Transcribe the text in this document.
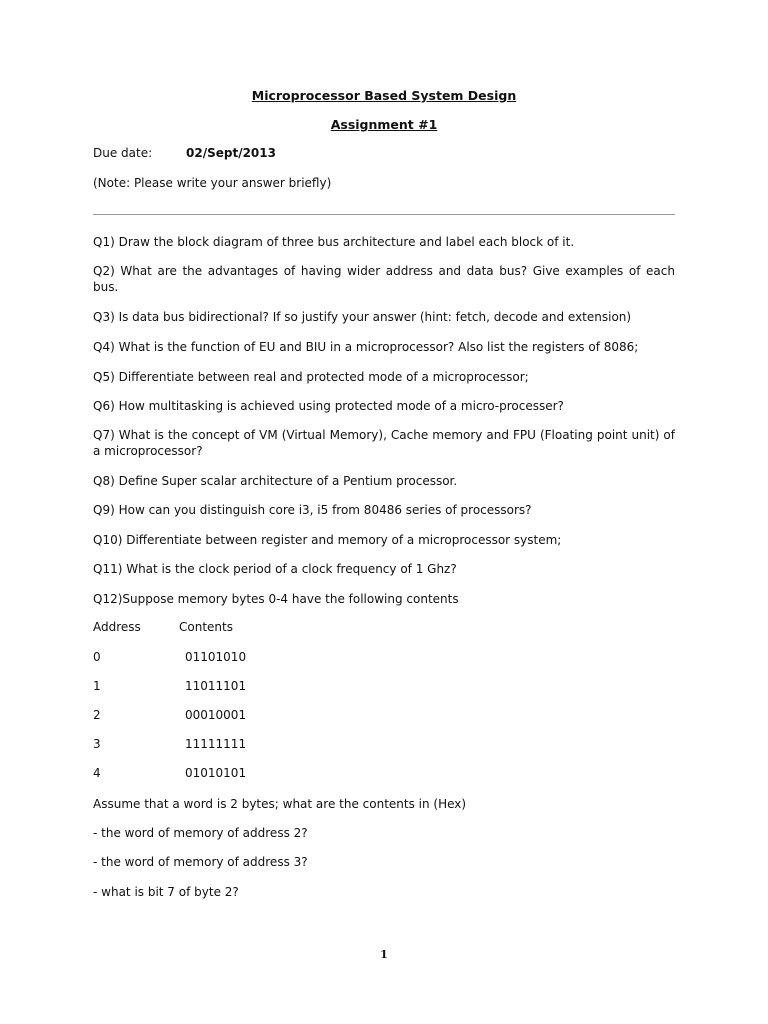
Microprocessor Based System Design
Assignment #1
Due date:	02/Sept/2013
(Note: Please write your answer briefly)
Q1) Draw the block diagram of three bus architecture and label each block of it.
Q2) What are the advantages of having wider address and data bus? Give examples of each bus.
Q3) Is data bus bidirectional? If so justify your answer (hint: fetch, decode and extension)
Q4) What is the function of EU and BIU in a microprocessor? Also list the registers of 8086;
Q5) Differentiate between real and protected mode of a microprocessor;
Q6) How multitasking is achieved using protected mode of a micro-processer?
Q7) What is the concept of VM (Virtual Memory), Cache memory and FPU (Floating point unit) of a microprocessor?
Q8) Define Super scalar architecture of a Pentium processor.
Q9) How can you distinguish core i3, i5 from 80486 series of processors?
Q10) Differentiate between register and memory of a microprocessor system;
Q11) What is the clock period of a clock frequency of 1 Ghz?
Q12)Suppose memory bytes 0-4 have the following contents
Address	Contents
0	01101010
1	11011101
2	00010001
3	11111111
4	01010101
Assume that a word is 2 bytes; what are the contents in (Hex)
- the word of memory of address 2?
- the word of memory of address 3?
- what is bit 7 of byte 2?
1
